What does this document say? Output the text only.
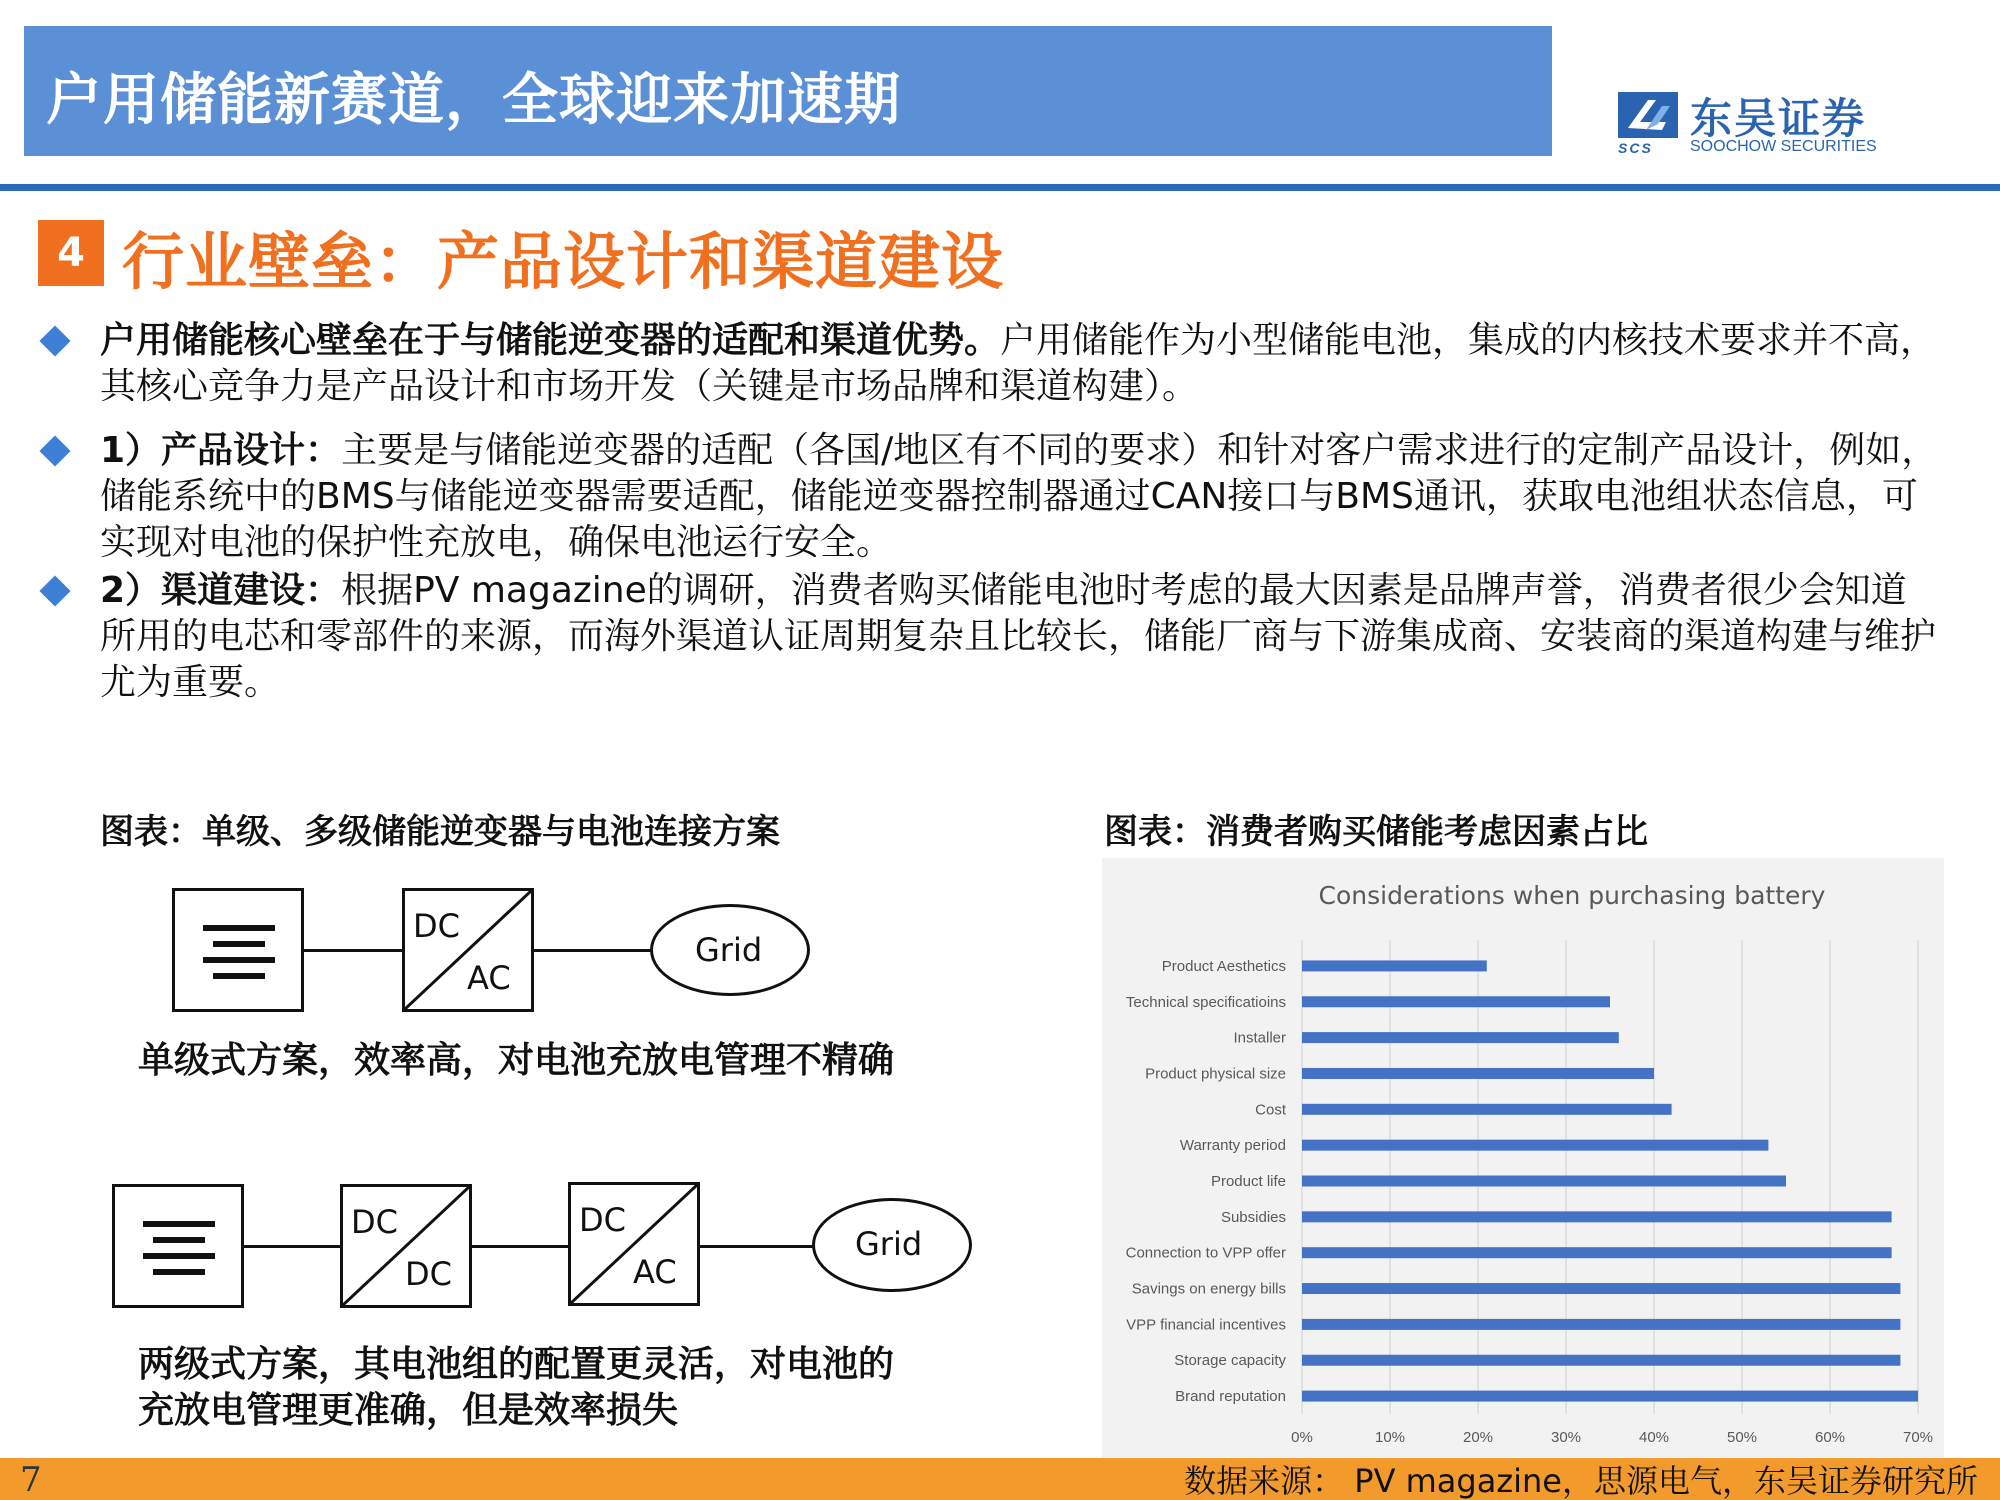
户用储能新赛道，全球迎来加速期
SCS
东吴证券
SOOCHOW SECURITIES
4 行业壁垒：产品设计和渠道建设
户用储能核心壁垒在于与储能逆变器的适配和渠道优势。户用储能作为小型储能电池，集成的内核技术要求并不高，其核心竞争力是产品设计和市场开发（关键是市场品牌和渠道构建）。
1）产品设计：主要是与储能逆变器的适配（各国/地区有不同的要求）和针对客户需求进行的定制产品设计，例如，储能系统中的BMS与储能逆变器需要适配，储能逆变器控制器通过CAN接口与BMS通讯，获取电池组状态信息，可实现对电池的保护性充放电，确保电池运行安全。
2）渠道建设：根据PV magazine的调研，消费者购买储能电池时考虑的最大因素是品牌声誉，消费者很少会知道所用的电芯和零部件的来源，而海外渠道认证周期复杂且比较长，储能厂商与下游集成商、安装商的渠道构建与维护尤为重要。
图表：单级、多级储能逆变器与电池连接方案	图表：消费者购买储能考虑因素占比
DC
AC
Grid
单级式方案，效率高，对电池充放电管理不精确
DC
DC
DC
AC
Grid
两级式方案，其电池组的配置更灵活，对电池的
充放电管理更准确，但是效率损失
Product Aesthetics
Technical specificatioins
Installer
Product physical size
Cost
Warranty period
Product life
Subsidies
Connection to VPP offer
Savings on energy bills
VPP financial incentives
Storage capacity
Brand reputation
0%	10%	20%	30%	40%	50%	60%	70%
Considerations when purchasing battery
7	数据来源： PV magazine，思源电气，东吴证券研究所
